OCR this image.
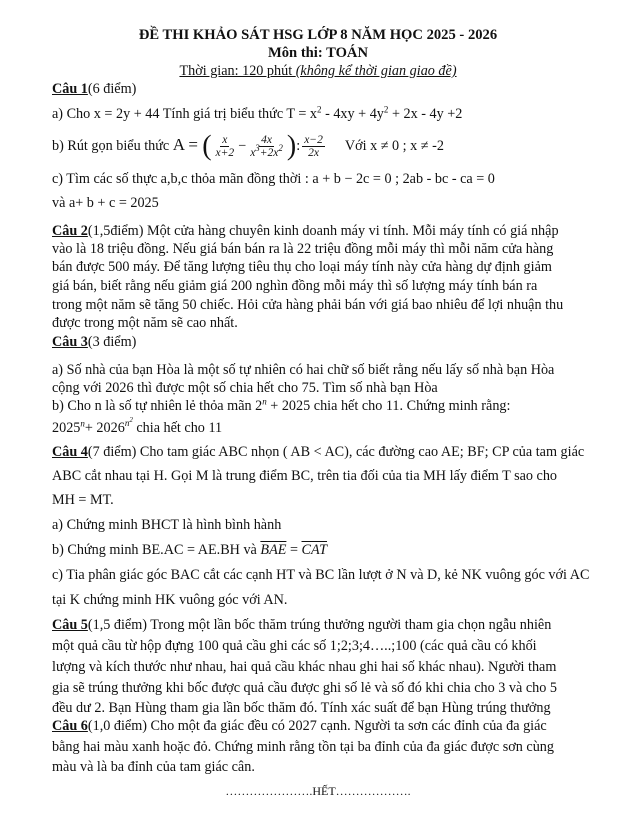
ĐỀ THI KHẢO SÁT HSG LỚP 8 NĂM HỌC 2025 - 2026
Môn thi: TOÁN
Thời gian: 120 phút (không kể thời gian giao đề)
Câu 1(6 điểm)
a) Cho x = 2y + 44 Tính giá trị biểu thức $T = x^2 - 4xy + 4y^2 + 2x - 4y +2$
b) Rút gọn biểu thức A = ( $\frac{x}{x+2} - \frac{4x}{x^3+2x^2}$ ): $\frac{x-2}{2x}$ Với x ≠ 0 ; x ≠ -2
c) Tìm các số thực a,b,c thỏa mãn đồng thời : a + b − 2c = 0 ; 2ab - bc - ca = 0
và a+ b + c = 2025
Câu 2(1,5điểm) Một cửa hàng chuyên kinh doanh máy vi tính. Mỗi máy tính có giá nhập
vào là 18 triệu đồng. Nếu giá bán bán ra là 22 triệu đồng mỗi máy thì mỗi năm cửa hàng
bán được 500 máy. Để tăng lượng tiêu thụ cho loại máy tính này cửa hàng dự định giảm
giá bán, biết rằng nếu giảm giá 200 nghìn đồng mỗi máy thì số lượng máy tính bán ra
trong một năm sẽ tăng 50 chiếc. Hỏi cửa hàng phải bán với giá bao nhiêu để lợi nhuận thu
được trong một năm sẽ cao nhất.
Câu 3(3 điểm)
a) Số nhà của bạn Hòa là một số tự nhiên có hai chữ số biết rằng nếu lấy số nhà bạn Hòa
cộng với 2026 thì được một số chia hết cho 75. Tìm số nhà bạn Hòa
b) Cho n là số tự nhiên lẻ thỏa mãn $2^n + 2025$ chia hết cho 11. Chứng minh rằng:
$2025^n+ 2026^{n^2}$ chia hết cho 11
Câu 4(7 điểm) Cho tam giác ABC nhọn ( AB < AC), các đường cao AE; BF; CP của tam giác
ABC cắt nhau tại H. Gọi M là trung điểm BC, trên tia đối của tia MH lấy điểm T sao cho
MH = MT.
a) Chứng minh BHCT là hình bình hành
b) Chứng minh BE.AC = AE.BH và $\overline{BAE} = \overline{CAT}$
c) Tia phân giác góc BAC cắt các cạnh HT và BC lần lượt ở N và D, kẻ NK vuông góc với AC
tại K chứng minh HK vuông góc với AN.
Câu 5(1,5 điểm) Trong một lần bốc thăm trúng thưởng người tham gia chọn ngẫu nhiên
một quả cầu từ hộp đựng 100 quả cầu ghi các số 1;2;3;4…..;100 (các quả cầu có khối
lượng và kích thước như nhau, hai quả cầu khác nhau ghi hai số khác nhau). Người tham
gia sẽ trúng thưởng khi bốc được quả cầu được ghi số lẻ và số đó khi chia cho 3 và cho 5
đều dư 2. Bạn Hùng tham gia lần bốc thăm đó. Tính xác suất để bạn Hùng trúng thưởng
Câu 6(1,0 điểm) Cho một đa giác đều có 2027 cạnh. Người ta sơn các đỉnh của đa giác
bằng hai màu xanh hoặc đỏ. Chứng minh rằng tồn tại ba đỉnh của đa giác được sơn cùng
màu và là ba đỉnh của tam giác cân.
………………….HẾT……………….
